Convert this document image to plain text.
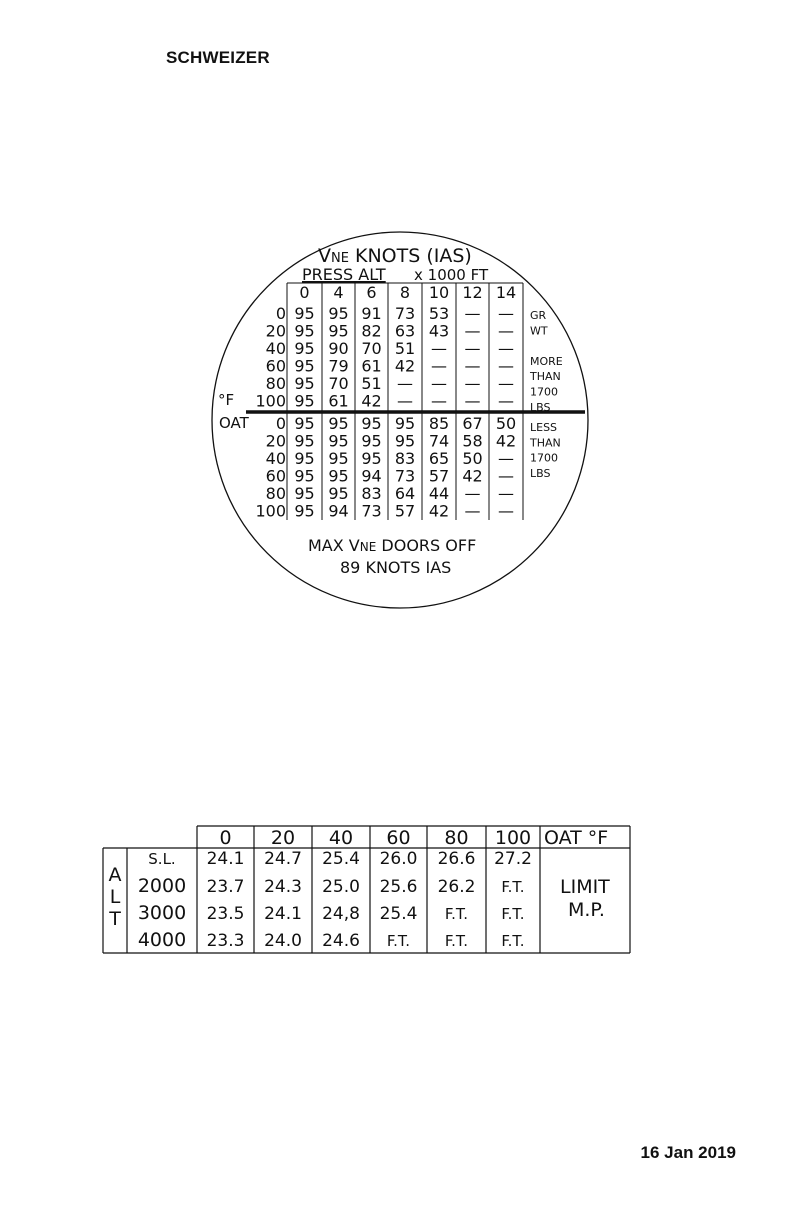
SCHWEIZER
VNE KNOTS (IAS)
PRESS ALT x 1000 FT
0 4 6 8 10 12 14
°F
OAT
0 95 95 91 73 53 — —
20 95 95 82 63 43 — —
40 95 90 70 51 — — —
60 95 79 61 42 — — —
80 95 70 51 — — — —
100 95 61 42 — — — —
0 95 95 95 95 85 67 50
20 95 95 95 95 74 58 42
40 95 95 95 83 65 50 —
60 95 95 94 73 57 42 —
80 95 95 83 64 44 — —
100 95 94 73 57 42 — —
GR
WT
MORE
THAN
1700
LBS
LESS
THAN
1700
LBS
MAX VNE DOORS OFF
89 KNOTS IAS
0 20 40 60 80 100 OAT °F
A
L
T
S.L. 24.1 24.7 25.4 26.0 26.6 27.2
2000 23.7 24.3 25.0 25.6 26.2 F.T.
3000 23.5 24.1 24,8 25.4 F.T. F.T.
4000 23.3 24.0 24.6 F.T. F.T. F.T.
LIMIT
M.P.
16 Jan 2019
